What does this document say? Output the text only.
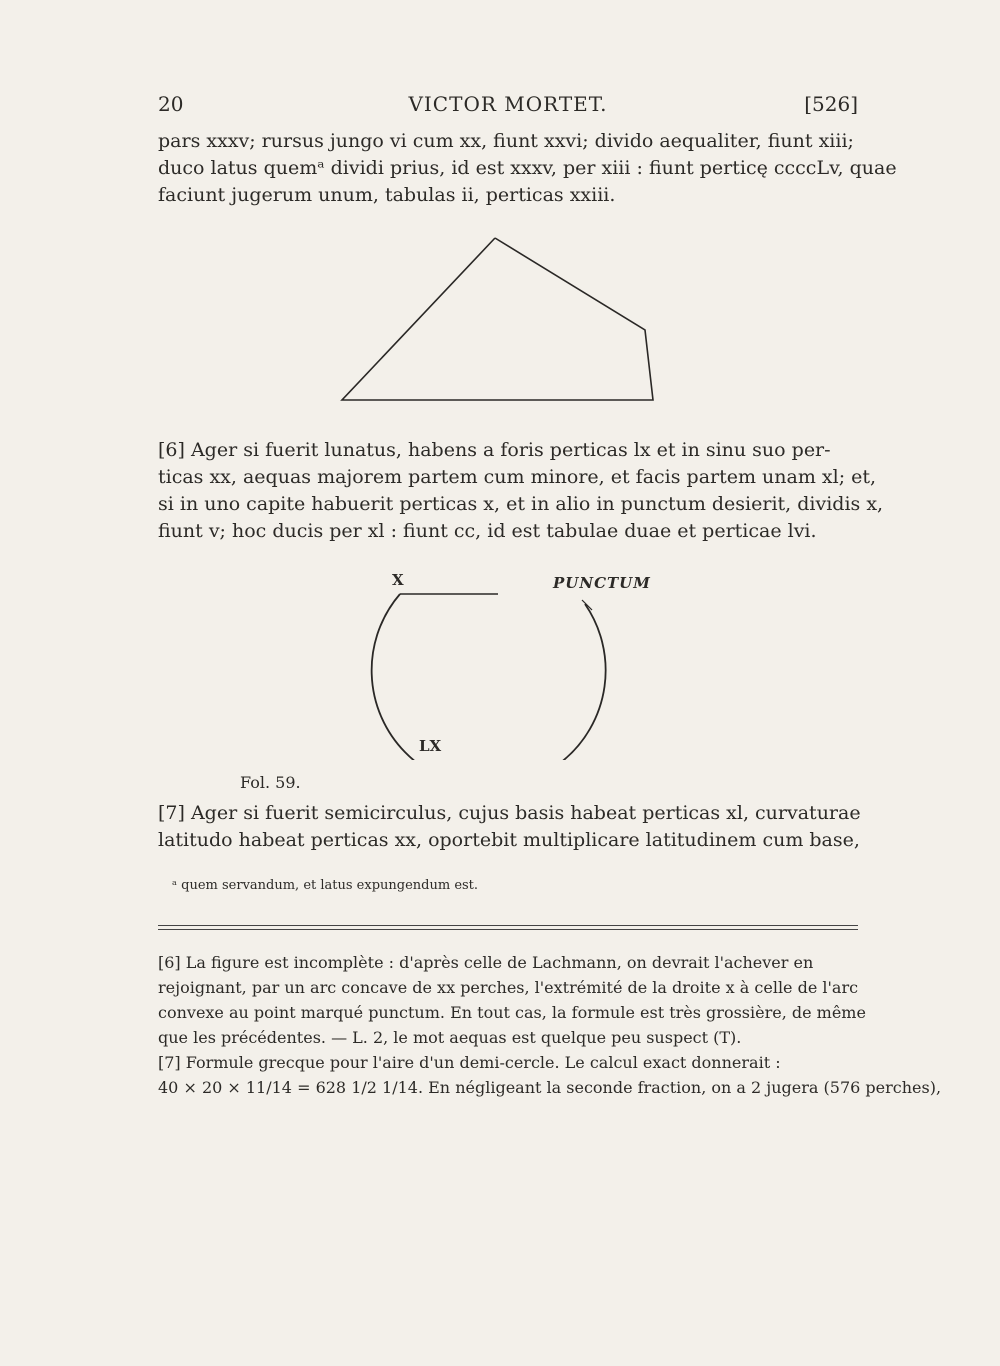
20	VICTOR MORTET.	[526]
pars xxxv; rursus jungo vi cum xx, fiunt xxvi; divido aequaliter, fiunt xiii;
duco latus quemᵃ dividi prius, id est xxxv, per xiii : fiunt perticę ccccLv, quae
faciunt jugerum unum, tabulas ii, perticas xxiii.
[6] Ager si fuerit lunatus, habens a foris perticas lx et in sinu suo per-
ticas xx, aequas majorem partem cum minore, et facis partem unam xl; et,
si in uno capite habuerit perticas x, et in alio in punctum desierit, dividis x,
fiunt v; hoc ducis per xl : fiunt cc, id est tabulae duae et perticae lvi.
X	PUNCTUM
LX
Fol. 59.
[7] Ager si fuerit semicirculus, cujus basis habeat perticas xl, curvaturae
latitudo habeat perticas xx, oportebit multiplicare latitudinem cum base,
ᵃ quem servandum, et latus expungendum est.
[6] La figure est incomplète : d'après celle de Lachmann, on devrait l'achever en
rejoignant, par un arc concave de xx perches, l'extrémité de la droite x à celle de l'arc
convexe au point marqué punctum. En tout cas, la formule est très grossière, de même
que les précédentes. — L. 2, le mot aequas est quelque peu suspect (T).
[7] Formule grecque pour l'aire d'un demi-cercle. Le calcul exact donnerait :
40 × 20 × 11/14 = 628 1/2 1/14. En négligeant la seconde fraction, on a 2 jugera (576 perches),
